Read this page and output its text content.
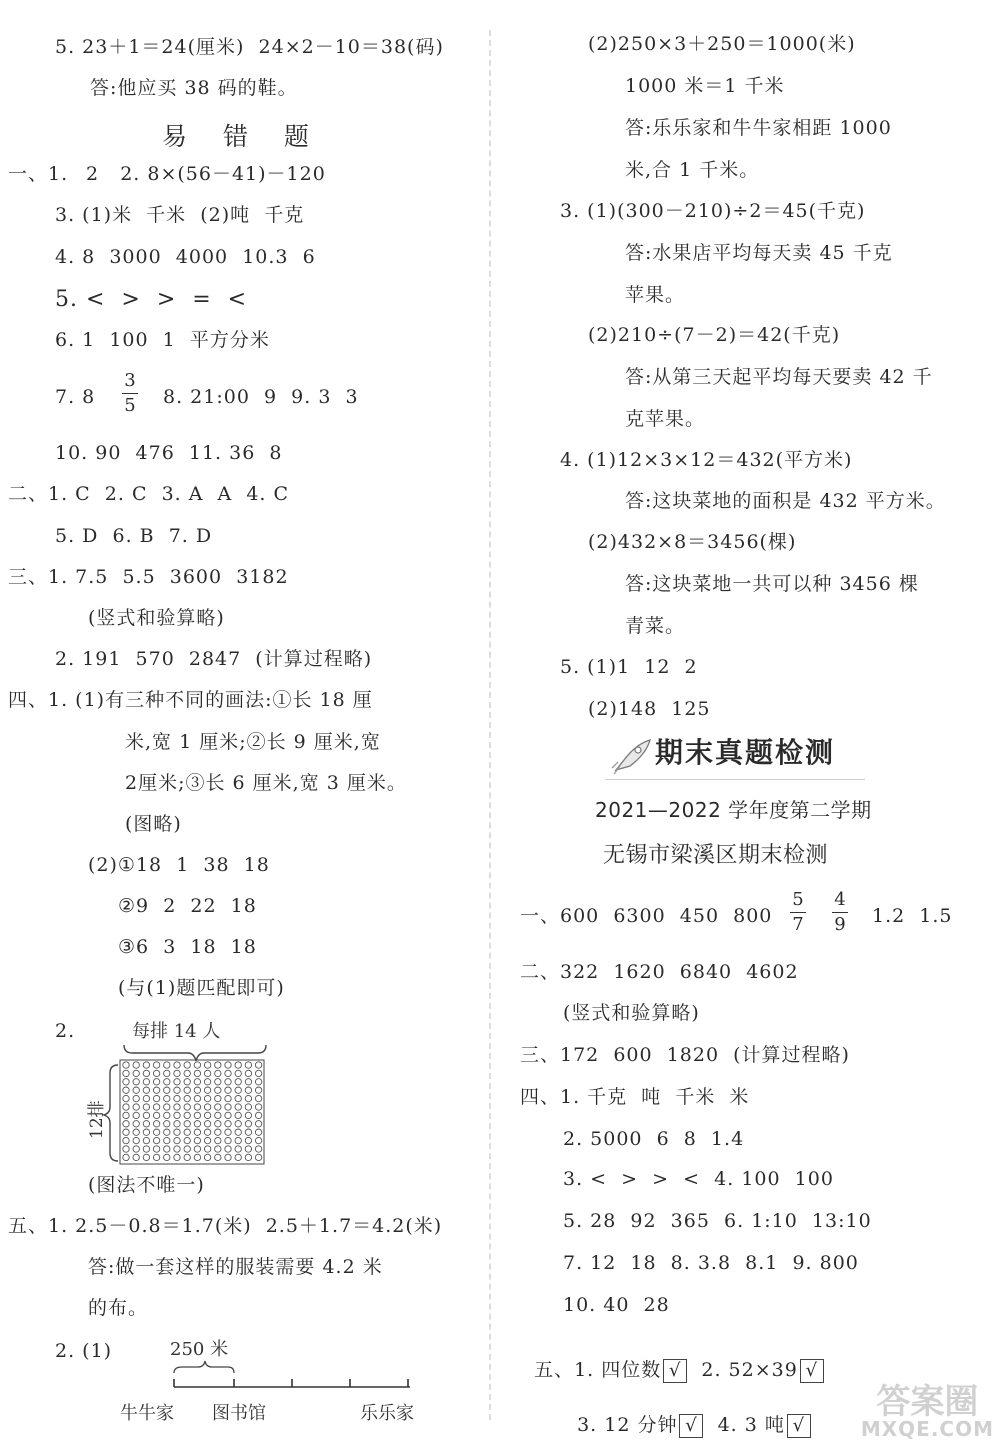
5. 23＋1＝24(厘米)  24×2－10＝38(码)
答:他应买 38 码的鞋。
易 错 题
一、1. 2   2. 8×(56－41)－120
3. (1)米  千米  (2)吨  千克
4. 8  3000  4000  10.3  6
5. <  >  >  =  <
6. 1  100  1  平方分米
7. 8
3
5 8. 21:00  9  9. 3  3
10. 90  476  11. 36  8
二、1. C  2. C  3. A  A  4. C
5. D  6. B  7. D
三、1. 7.5  5.5  3600  3182
(竖式和验算略)
2. 191  570  2847  (计算过程略)
四、1. (1)有三种不同的画法:①长 18 厘
米,宽 1 厘米;②长 9 厘米,宽
2厘米;③长 6 厘米,宽 3 厘米。
(图略)
(2)①18  1  38  18
②9  2  22  18
③6  3  18  18
(与(1)题匹配即可)
2.	每排 14 人
12排
(图法不唯一)
五、1. 2.5－0.8＝1.7(米)  2.5＋1.7＝4.2(米)
答:做一套这样的服装需要 4.2 米
的布。
2. (1)	250 米
牛牛家 图书馆	乐乐家
(2)250×3＋250＝1000(米)
1000 米＝1 千米
答:乐乐家和牛牛家相距 1000
米,合 1 千米。
3. (1)(300－210)÷2＝45(千克)
答:水果店平均每天卖 45 千克
苹果。
(2)210÷(7－2)＝42(千克)
答:从第三天起平均每天要卖 42 千
克苹果。
4. (1)12×3×12＝432(平方米)
答:这块菜地的面积是 432 平方米。
(2)432×8＝3456(棵)
答:这块菜地一共可以种 3456 棵
青菜。
5. (1)1  12  2
(2)148  125
期末真题检测
2021—2022 学年度第二学期
无锡市梁溪区期末检测
一、600  6300  450  800
5
7
4
9 1.2  1.5
二、322  1620  6840  4602
(竖式和验算略)
三、172  600  1820  (计算过程略)
四、1. 千克  吨  千米  米
2. 5000  6  8  1.4
3. <  >  >  <  4. 100  100
5. 28  92  365  6. 1:10  13:10
7. 12  18  8. 3.8  8.1  9. 800
10. 40  28

五、1. 四位数 √ 2. 52×39 √

3. 12 分钟 √ 4. 3 吨 √

答案圈
MXQE.COM
